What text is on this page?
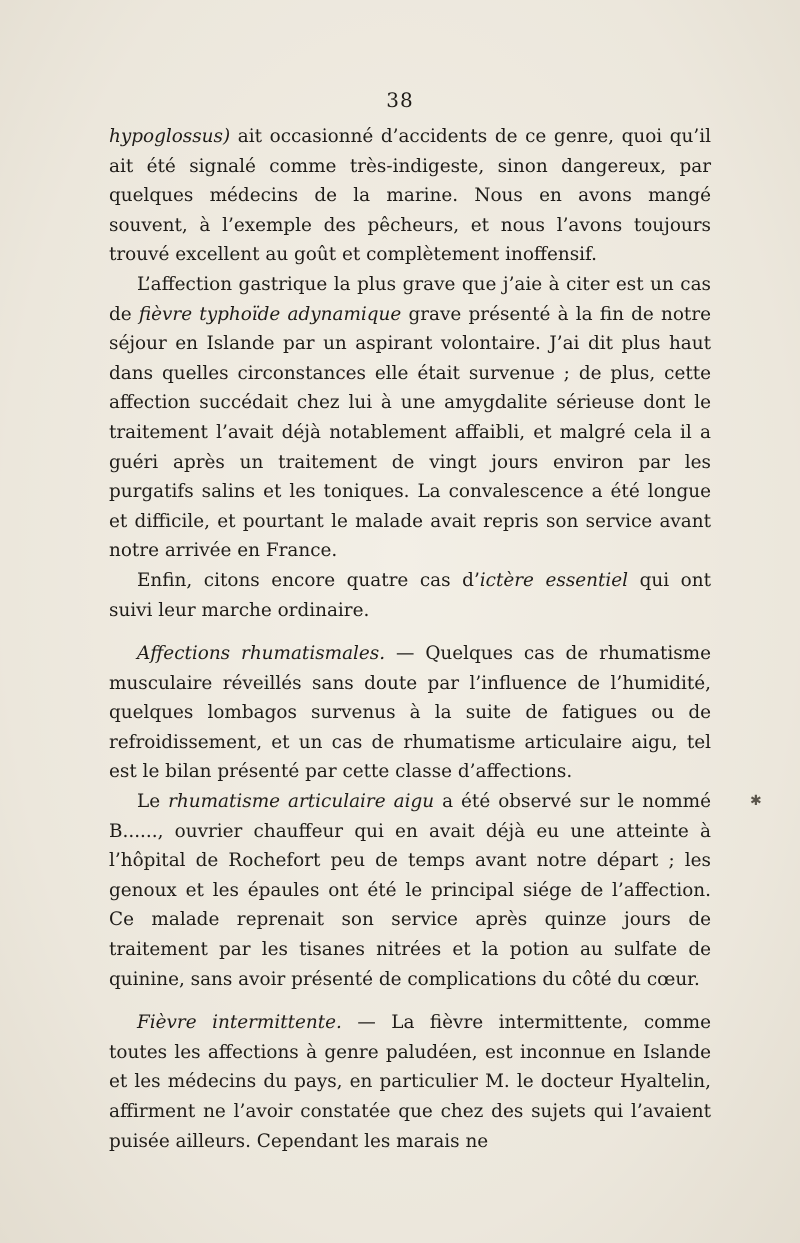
38

hypoglossus) ait occasionné d’accidents de ce genre, quoi qu’il ait été signalé comme très-indigeste, sinon dangereux, par quelques médecins de la marine. Nous en avons mangé souvent, à l’exemple des pêcheurs, et nous l’avons toujours trouvé excellent au goût et complètement inoffensif.

L’affection gastrique la plus grave que j’aie à citer est un cas de fièvre typhoïde adynamique grave présenté à la fin de notre séjour en Islande par un aspirant volontaire. J’ai dit plus haut dans quelles circonstances elle était survenue ; de plus, cette affection succédait chez lui à une amygdalite sérieuse dont le traitement l’avait déjà notablement affaibli, et malgré cela il a guéri après un traitement de vingt jours environ par les purgatifs salins et les toniques. La convalescence a été longue et difficile, et pourtant le malade avait repris son service avant notre arrivée en France.

Enfin, citons encore quatre cas d’ictère essentiel qui ont suivi leur marche ordinaire.

Affections rhumatismales. — Quelques cas de rhumatisme musculaire réveillés sans doute par l’influence de l’humidité, quelques lombagos survenus à la suite de fatigues ou de refroidissement, et un cas de rhumatisme articulaire aigu, tel est le bilan présenté par cette classe d’affections.

Le rhumatisme articulaire aigu a été observé sur le nommé B......, ouvrier chauffeur qui en avait déjà eu une atteinte à l’hôpital de Rochefort peu de temps avant notre départ ; les genoux et les épaules ont été le principal siége de l’affection. Ce malade reprenait son service après quinze jours de traitement par les tisanes nitrées et la potion au sulfate de quinine, sans avoir présenté de complications du côté du cœur.

Fièvre intermittente. — La fièvre intermittente, comme toutes les affections à genre paludéen, est inconnue en Islande et les médecins du pays, en particulier M. le docteur Hyaltelin, affirment ne l’avoir constatée que chez des sujets qui l’avaient puisée ailleurs. Cependant les marais ne

✱
